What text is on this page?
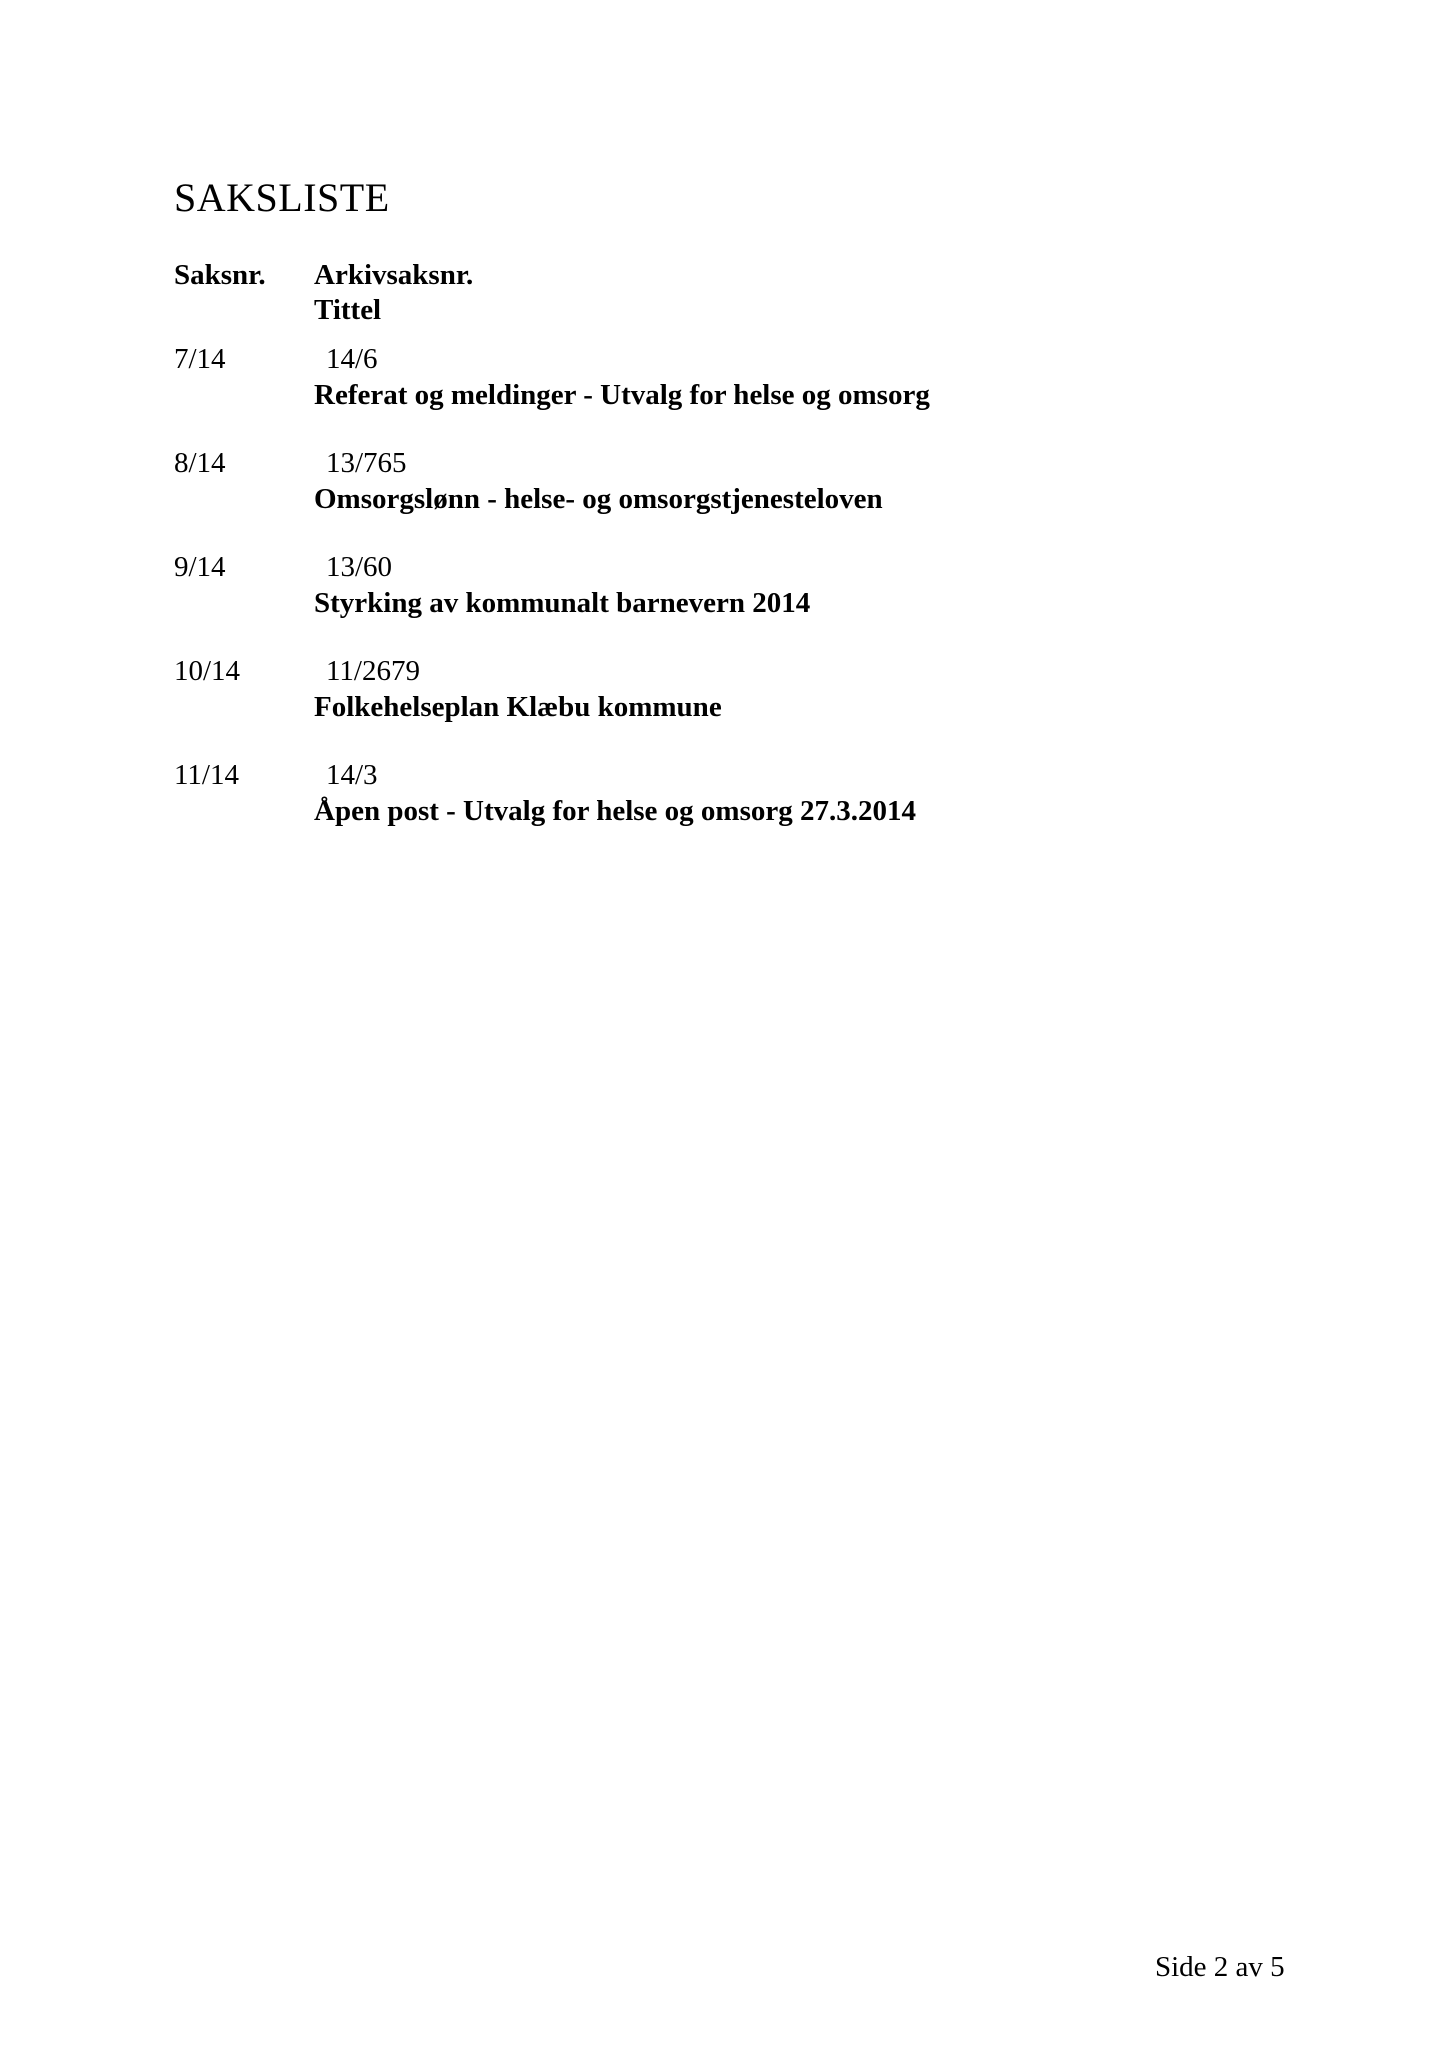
SAKSLISTE
Saksnr. Arkivsaksnr.
Tittel
7/14	14/6
Referat og meldinger - Utvalg for helse og omsorg
8/14	13/765
Omsorgslønn - helse- og omsorgstjenesteloven
9/14	13/60
Styrking av kommunalt barnevern 2014
10/14	11/2679
Folkehelseplan Klæbu kommune
11/14	14/3
Åpen post - Utvalg for helse og omsorg 27.3.2014
Side 2 av 5
